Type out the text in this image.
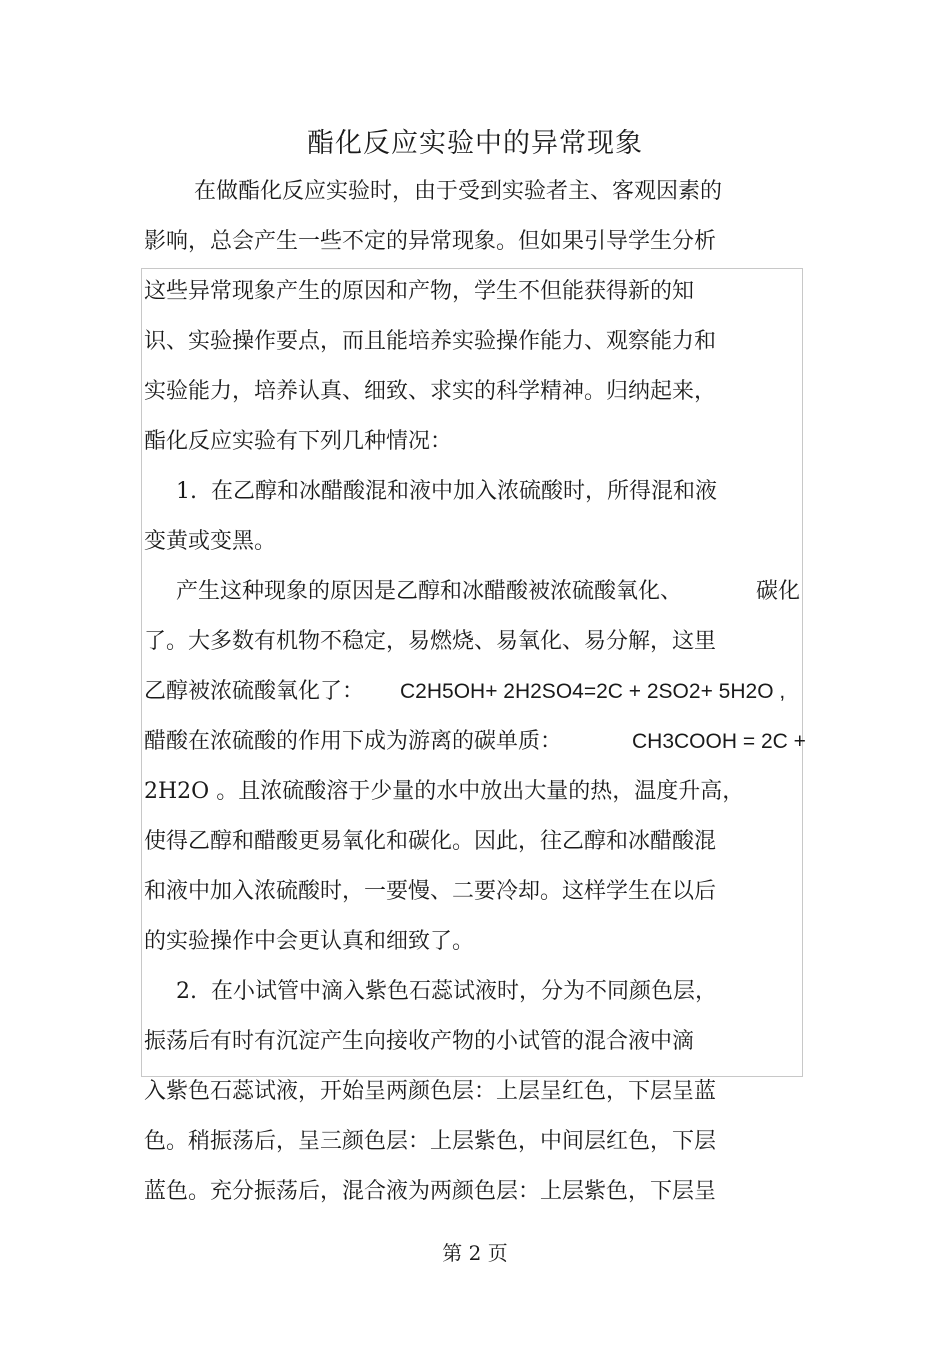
酯化反应实验中的异常现象
在做酯化反应实验时，由于受到实验者主、客观因素的
影响，总会产生一些不定的异常现象。但如果引导学生分析
这些异常现象产生的原因和产物，学生不但能获得新的知
识、实验操作要点，而且能培养实验操作能力、观察能力和
实验能力，培养认真、细致、求实的科学精神。归纳起来，
酯化反应实验有下列几种情况：
1.  在乙醇和冰醋酸混和液中加入浓硫酸时，所得混和液
变黄或变黑。
产生这种现象的原因是乙醇和冰醋酸被浓硫酸氧化、	碳化
了。大多数有机物不稳定，易燃烧、易氧化、易分解，这里
乙醇被浓硫酸氧化了： C2H5OH+ 2H2SO4=2C + 2SO2+ 5H2O ,
醋酸在浓硫酸的作用下成为游离的碳单质：	CH3COOH = 2C +
2H2O 。且浓硫酸溶于少量的水中放出大量的热，温度升高，
使得乙醇和醋酸更易氧化和碳化。因此，往乙醇和冰醋酸混
和液中加入浓硫酸时，一要慢、二要冷却。这样学生在以后
的实验操作中会更认真和细致了。
2.  在小试管中滴入紫色石蕊试液时，分为不同颜色层，
振荡后有时有沉淀产生向接收产物的小试管的混合液中滴
入紫色石蕊试液，开始呈两颜色层：上层呈红色，下层呈蓝
色。稍振荡后，呈三颜色层：上层紫色，中间层红色，下层
蓝色。充分振荡后，混合液为两颜色层：上层紫色，下层呈
第 2 页
